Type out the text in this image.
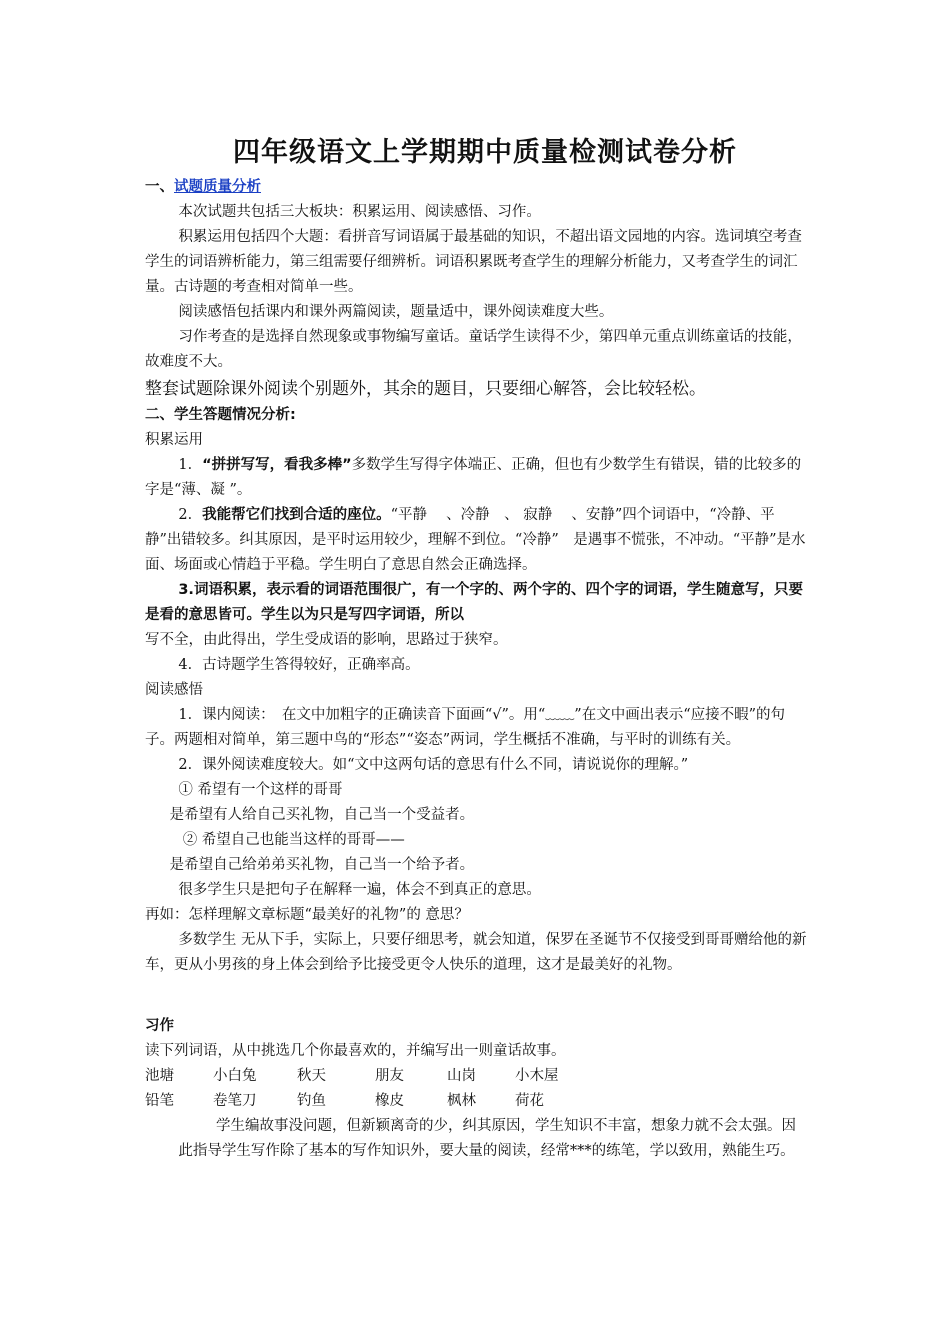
四年级语文上学期期中质量检测试卷分析

一、试题质量分析

本次试题共包括三大板块：积累运用、阅读感悟、习作。

积累运用包括四个大题：看拼音写词语属于最基础的知识，不超出语文园地的内容。选词填空考查学生的词语辨析能力，第三组需要仔细辨析。词语积累既考查学生的理解分析能力，又考查学生的词汇量。古诗题的考查相对简单一些。

阅读感悟包括课内和课外两篇阅读，题量适中，课外阅读难度大些。

习作考查的是选择自然现象或事物编写童话。童话学生读得不少，第四单元重点训练童话的技能，故难度不大。

整套试题除课外阅读个别题外，其余的题目，只要细心解答，会比较轻松。

二、学生答题情况分析:

积累运用

1．“拼拼写写，看我多棒”多数学生写得字体端正、正确，但也有少数学生有错误，错的比较多的字是“薄、凝 ”。

2．我能帮它们找到合适的座位。“平静　 、冷静　、 寂静　 、安静”四个词语中，“冷静、平静”出错较多。纠其原因，是平时运用较少，理解不到位。“冷静”　是遇事不慌张，不冲动。“平静”是水面、场面或心情趋于平稳。学生明白了意思自然会正确选择。

3.词语积累，表示看的词语范围很广，有一个字的、两个字的、四个字的词语，学生随意写，只要是看的意思皆可。学生以为只是写四字词语，所以

写不全，由此得出，学生受成语的影响，思路过于狭窄。

4．古诗题学生答得较好，正确率高。

阅读感悟

1．课内阅读：　在文中加粗字的正确读音下面画“√”。用“﹏﹏”在文中画出表示“应接不暇”的句子。两题相对简单，第三题中鸟的“形态”“姿态”两词，学生概括不准确，与平时的训练有关。

2．课外阅读难度较大。如“文中这两句话的意思有什么不同，请说说你的理解。”

① 希望有一个这样的哥哥

是希望有人给自己买礼物，自己当一个受益者。

② 希望自己也能当这样的哥哥——

是希望自己给弟弟买礼物，自己当一个给予者。

很多学生只是把句子在解释一遍，体会不到真正的意思。

再如：怎样理解文章标题“最美好的礼物”的 意思？

多数学生 无从下手，实际上，只要仔细思考，就会知道，保罗在圣诞节不仅接受到哥哥赠给他的新车，更从小男孩的身上体会到给予比接受更令人快乐的道理，这才是最美好的礼物。

习作

读下列词语，从中挑选几个你最喜欢的，并编写出一则童话故事。

池塘	小白兔	秋天	朋友	山岗	小木屋
铅笔	卷笔刀	钓鱼	橡皮	枫林	荷花

学生编故事没问题，但新颖离奇的少，纠其原因，学生知识不丰富，想象力就不会太强。因此指导学生写作除了基本的写作知识外，要大量的阅读，经常***的练笔，学以致用，熟能生巧。
